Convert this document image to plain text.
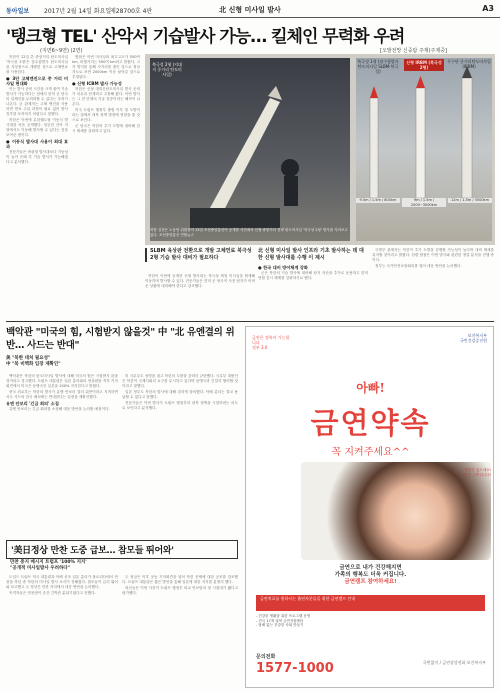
동아일보 2017년 2월 14일 화요일
제28700호 4판	北 신형 미사일 발사	A3
'탱크형 TEL' 산악서 기습발사 가능… 킬체인 무력화 우려
(지면6~9면) (2면)	[오발전망 신중탐 주제(주제중]

북한이 12일 쏜 중장거리 탄도미사일 '북극성 2형'은 잠수함발사 탄도미사일을 지상용으로 개량한 것으로 고체연료를 사용한다.

● 3단 고체엔진으로 중 거리 미사일 현대화

이는 발사 준비 시간을 크게 줄여 기습 발사가 가능하다는 점에서 한미 군 당국의 킬체인을 무력화할 수 있다는 우려가 나온다. 군 관계자는 고체 엔진을 사용하면 연료 주입 과정이 필요 없어 발사 징후를 포착하기 어렵다고 말했다.

북한은 이번에 무한궤도형 이동식 발사대를 처음 공개했다. 험준한 산악 지형에서도 이동해 발사할 수 있다는 것을 보여준 셈이다.

● 이동식 발사대 사용이 최대 효과

전문가들은 바퀴형 발사대보다 기동성이 높아 은폐 후 기습 발사가 가능해졌다고 분석했다.

합참은 이번 미사일의 최고고도가 550여 km, 비행거리는 500여 km라고 밝혔다. 고각 발사를 통해 사거리를 줄인 것으로 정상 각도로 쏘면 2000km 이상 날아갈 것으로 추정된다.

● 신형 ICBM 발사 가능성

북한은 신형 대륙간탄도미사일 발사 준비가 마무리 단계라고 주장해 왔다. 이번 발사는 그 전 단계의 기술 검증이라는 해석이 나온다.

미국 트럼프 행정부 출범 이후 첫 도발이라는 점에서 대북 정책 방향에 영향을 줄 것으로 보인다.

군 당국은 북한의 추가 도발에 대비해 감시 태세를 강화하고 있다.

북극성 2형 (지대지 중거리 탄도미사일)
북극성 1형 (잠수함발사 탄도미사일 SLBM-북극성)
신형 IRBM (북극성 2형)
무수단 중거리탄도미사일 (IRBM)
9.5m / 1.5m / 800km	9m / 1.5m / 2000~3000km
12m / 1.5m / 3500km
북한 김정은 노동당 위원장이 13일 조선중앙통신이 공개한 사진에서 신형 중장거리 전략 탄도미사일 '북극성 2형' 발사를 지켜보고 있다. 조선중앙통신 연합뉴스
SLBM 육상판 전환으로 개발 고체연료 북극성 2형 기습 발사 대비가 필요하다

북한이 이번에 공개한 신형 발사대는 북극성 계열 미사일을 탑재해 이동하며 발사할 수 있다. 전문가들은 한미 군 당국이 사전 탐지가 어려운 상황에 대비해야 한다고 강조했다.

北 신형 미사일 발사 인프라 기초 발사하는 데 대한 신형 발사대를 수행 이 제시
● 한국 대비 방어체계 강화

군은 북한의 기습 발사에 대비해 탐지 자산을 추가로 운용하고 한미 연합 감시 체계를 강화하기로 했다.

국방부 관계자는 북한이 추가 도발을 감행할 가능성이 높다며 대비 태세를 유지할 것이라고 밝혔다. 한편 합참은 이번 발사와 관련한 정밀 분석을 진행 중이다.

정부는 국가안전보장회의를 열어 대응 방안을 논의했다.

백악관 "미국의 힘, 시험받지 않을것" 中 "北 유엔결의 위반… 사드는 반대"
美 "북한 대처 필요성"
中 "북 비핵화 입장 재확인"

백악관은 북한의 탄도미사일 발사에 대해 미국의 힘은 시험받지 않을 것이라고 경고했다. 트럼프 대통령은 일본 총리와의 정상회담 직후 기자회견에서 미국은 동맹국인 일본을 100% 지지한다고 밝혔다.

중국 외교부는 북한의 발사가 유엔 안보리 결의 위반이라고 지적하면서도 사드의 한국 배치에는 반대한다는 입장을 재확인했다.

유엔 안보리 '긴급 회의' 소집

유엔 안보리는 긴급 회의를 소집해 대응 방안을 논의할 예정이다.

미 국무부도 성명을 내고 북한의 도발을 강력히 규탄했다. 국무부 대변인은 북한이 국제사회의 요구를 무시하고 있다며 동맹국과 긴밀히 협력할 것이라고 말했다.

일본 정부도 북한의 발사에 대해 강하게 항의했다. 아베 총리는 결코 용납할 수 없다고 말했다.

전문가들은 이번 발사가 트럼프 행정부의 대북 정책을 시험하려는 의도로 보인다고 분석했다.

'美日정상 만찬 도중 급보… 참모들 뛰어와'
만찬 중지 메시지 트럼프 '100% 지지'
"공개적 미사일발사 우려하다"

도널드 트럼프 미국 대통령과 아베 신조 일본 총리가 플로리다에서 만찬을 하던 중 북한의 미사일 발사 소식이 전해졌다. 참모들이 급히 뛰어와 보고했고 두 정상은 만찬 자리에서 대응 방안을 논의했다.

목격자들은 만찬장이 순간 긴박한 분위기였다고 전했다.

두 정상은 이후 공동 기자회견을 열어 북한 문제에 대한 공조를 강조했다. 트럼프 대통령은 짧은 발언을 통해 일본에 대한 지지를 분명히 했다.

외신들은 이번 사건이 트럼프 행정부 외교 안보팀의 첫 시험대가 됐다고 평가했다.

금연은 정복이 가능합니다
정부 3.0
보건복지부
국민건강증진원
아빠!
금연약속
꼭 지켜주세요^^
중간은 잊으세요!
지금은 금연입니다!
금연으로 내가 건강해지면
가족의 행복도 더욱 커집니다.
금연캠프 참여하세요!
금연치료를 원하시는 흡연자분들을 위한 금연캠프 안내
- 건강한 생활을 위한 프로그램 운영
- 전국 17개 권역 금연지원센터
- 담배 없는 건강한 사회 만들기
문의전화
1577-1000	국번없이 / 금연상담전화 보건복지부
